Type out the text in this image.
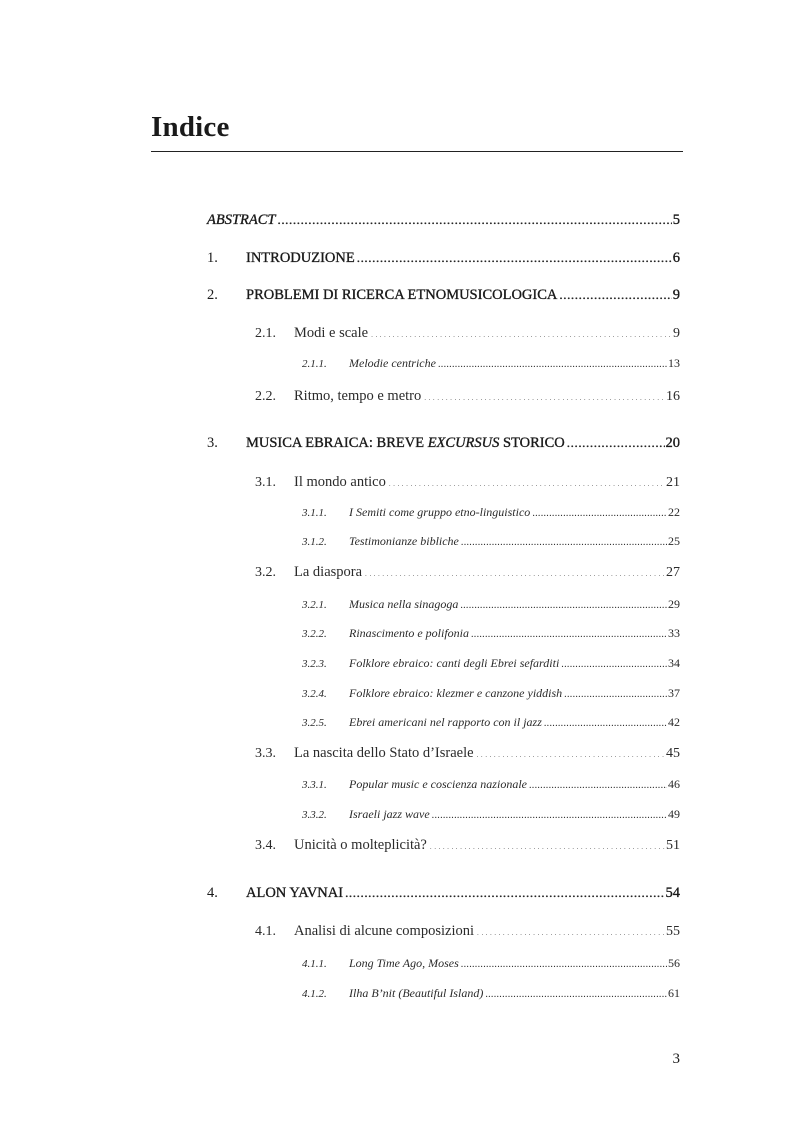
Indice
ABSTRACT .....	5
1.	INTRODUZIONE .....	6
2.	PROBLEMI DI RICERCA ETNOMUSICOLOGICA .....	9
2.1.	Modi e scale .....	9
2.1.1.	Melodie centriche .....	13
2.2.	Ritmo, tempo e metro .....	16
3.	MUSICA EBRAICA: BREVE EXCURSUS STORICO .....	20
3.1.	Il mondo antico .....	21
3.1.1.	I Semiti come gruppo etno-linguistico .....	22
3.1.2.	Testimonianze bibliche .....	25
3.2.	La diaspora .....	27
3.2.1.	Musica nella sinagoga .....	29
3.2.2.	Rinascimento e polifonia .....	33
3.2.3.	Folklore ebraico: canti degli Ebrei sefarditi .....	34
3.2.4.	Folklore ebraico: klezmer e canzone yiddish .....	37
3.2.5.	Ebrei americani nel rapporto con il jazz .....	42
3.3.	La nascita dello Stato d’Israele .....	45
3.3.1.	Popular music e coscienza nazionale .....	46
3.3.2.	Israeli jazz wave .....	49
3.4.	Unicità o molteplicità? .....	51
4.	ALON YAVNAI .....	54
4.1.	Analisi di alcune composizioni .....	55
4.1.1.	Long Time Ago, Moses .....	56
4.1.2.	Ilha B’nit (Beautiful Island) .....	61

3
